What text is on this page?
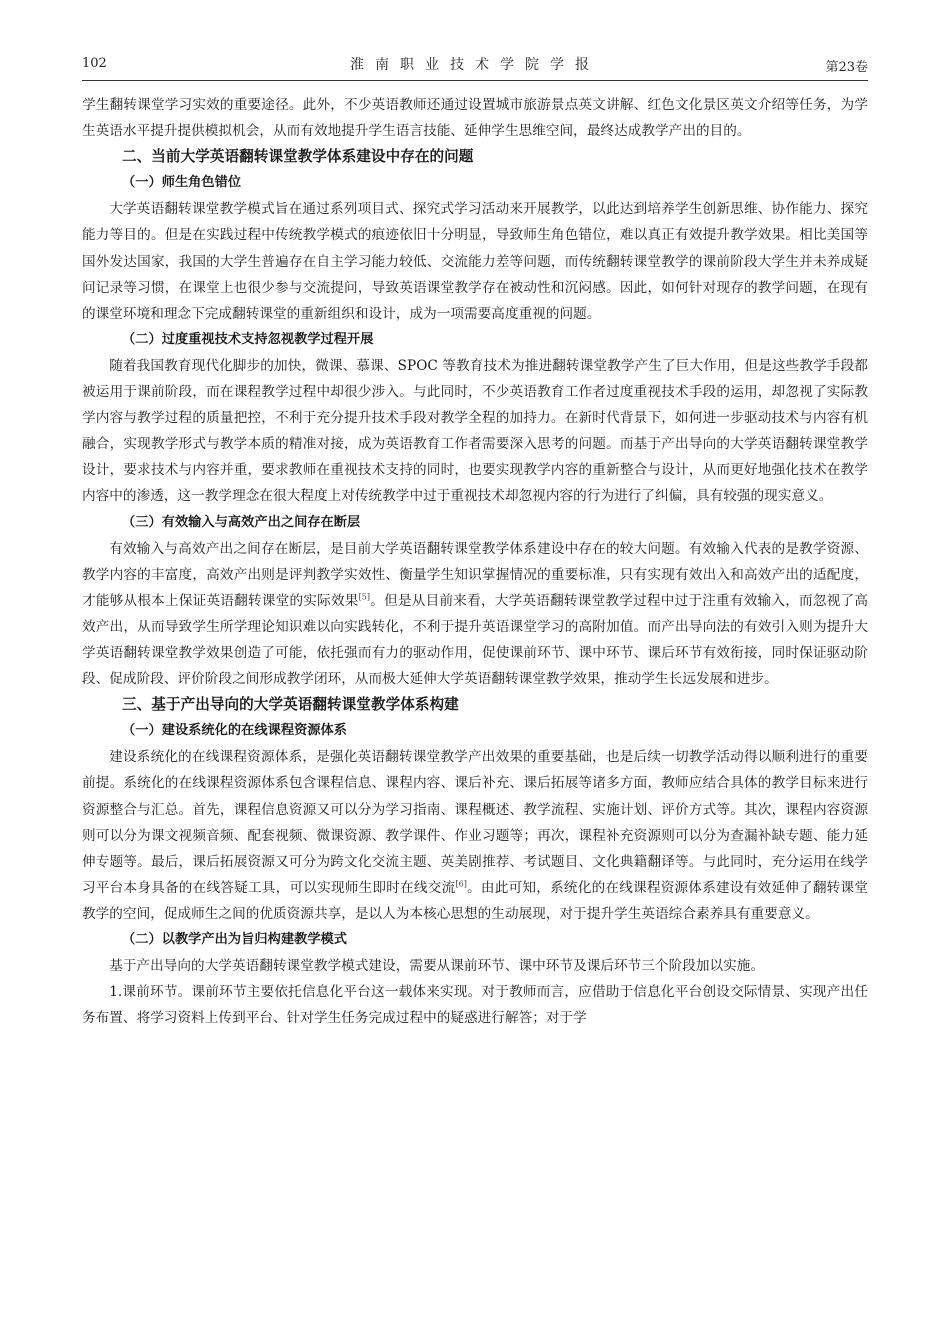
102	淮南职业技术学院学报	第23卷

学生翻转课堂学习实效的重要途径。此外，不少英语教师还通过设置城市旅游景点英文讲解、红色文化景区英文介绍等任务，为学生英语水平提升提供模拟机会，从而有效地提升学生语言技能、延伸学生思维空间，最终达成教学产出的目的。

二、当前大学英语翻转课堂教学体系建设中存在的问题
（一）师生角色错位

大学英语翻转课堂教学模式旨在通过系列项目式、探究式学习活动来开展教学，以此达到培养学生创新思维、协作能力、探究能力等目的。但是在实践过程中传统教学模式的痕迹依旧十分明显，导致师生角色错位，难以真正有效提升教学效果。相比美国等国外发达国家，我国的大学生普遍存在自主学习能力较低、交流能力差等问题，而传统翻转课堂教学的课前阶段大学生并未养成疑问记录等习惯，在课堂上也很少参与交流提问，导致英语课堂教学存在被动性和沉闷感。因此，如何针对现存的教学问题，在现有的课堂环境和理念下完成翻转课堂的重新组织和设计，成为一项需要高度重视的问题。

（二）过度重视技术支持忽视教学过程开展

随着我国教育现代化脚步的加快，微课、慕课、SPOC 等教育技术为推进翻转课堂教学产生了巨大作用，但是这些教学手段都被运用于课前阶段，而在课程教学过程中却很少涉入。与此同时，不少英语教育工作者过度重视技术手段的运用，却忽视了实际教学内容与教学过程的质量把控，不利于充分提升技术手段对教学全程的加持力。在新时代背景下，如何进一步驱动技术与内容有机融合，实现教学形式与教学本质的精准对接，成为英语教育工作者需要深入思考的问题。而基于产出导向的大学英语翻转课堂教学设计，要求技术与内容并重，要求教师在重视技术支持的同时，也要实现教学内容的重新整合与设计，从而更好地强化技术在教学内容中的渗透，这一教学理念在很大程度上对传统教学中过于重视技术却忽视内容的行为进行了纠偏，具有较强的现实意义。

（三）有效输入与高效产出之间存在断层

有效输入与高效产出之间存在断层，是目前大学英语翻转课堂教学体系建设中存在的较大问题。有效输入代表的是教学资源、教学内容的丰富度，高效产出则是评判教学实效性、衡量学生知识掌握情况的重要标准，只有实现有效出入和高效产出的适配度，才能够从根本上保证英语翻转课堂的实际效果[5]。但是从目前来看，大学英语翻转课堂教学过程中过于注重有效输入，而忽视了高效产出，从而导致学生所学理论知识难以向实践转化，不利于提升英语课堂学习的高附加值。而产出导向法的有效引入则为提升大学英语翻转课堂教学效果创造了可能，依托强而有力的驱动作用，促使课前环节、课中环节、课后环节有效衔接，同时保证驱动阶段、促成阶段、评价阶段之间形成教学闭环，从而极大延伸大学英语翻转课堂教学效果，推动学生长远发展和进步。

三、基于产出导向的大学英语翻转课堂教学体系构建
（一）建设系统化的在线课程资源体系

建设系统化的在线课程资源体系，是强化英语翻转课堂教学产出效果的重要基础，也是后续一切教学活动得以顺利进行的重要前提。系统化的在线课程资源体系包含课程信息、课程内容、课后补充、课后拓展等诸多方面，教师应结合具体的教学目标来进行资源整合与汇总。首先，课程信息资源又可以分为学习指南、课程概述、教学流程、实施计划、评价方式等。其次，课程内容资源则可以分为课文视频音频、配套视频、微课资源、教学课件、作业习题等；再次，课程补充资源则可以分为查漏补缺专题、能力延伸专题等。最后，课后拓展资源又可分为跨文化交流主题、英美剧推荐、考试题目、文化典籍翻译等。与此同时，充分运用在线学习平台本身具备的在线答疑工具，可以实现师生即时在线交流[6]。由此可知，系统化的在线课程资源体系建设有效延伸了翻转课堂教学的空间，促成师生之间的优质资源共享，是以人为本核心思想的生动展现，对于提升学生英语综合素养具有重要意义。

（二）以教学产出为旨归构建教学模式

基于产出导向的大学英语翻转课堂教学模式建设，需要从课前环节、课中环节及课后环节三个阶段加以实施。

1.课前环节。课前环节主要依托信息化平台这一载体来实现。对于教师而言，应借助于信息化平台创设交际情景、实现产出任务布置、将学习资料上传到平台、针对学生任务完成过程中的疑惑进行解答；对于学
